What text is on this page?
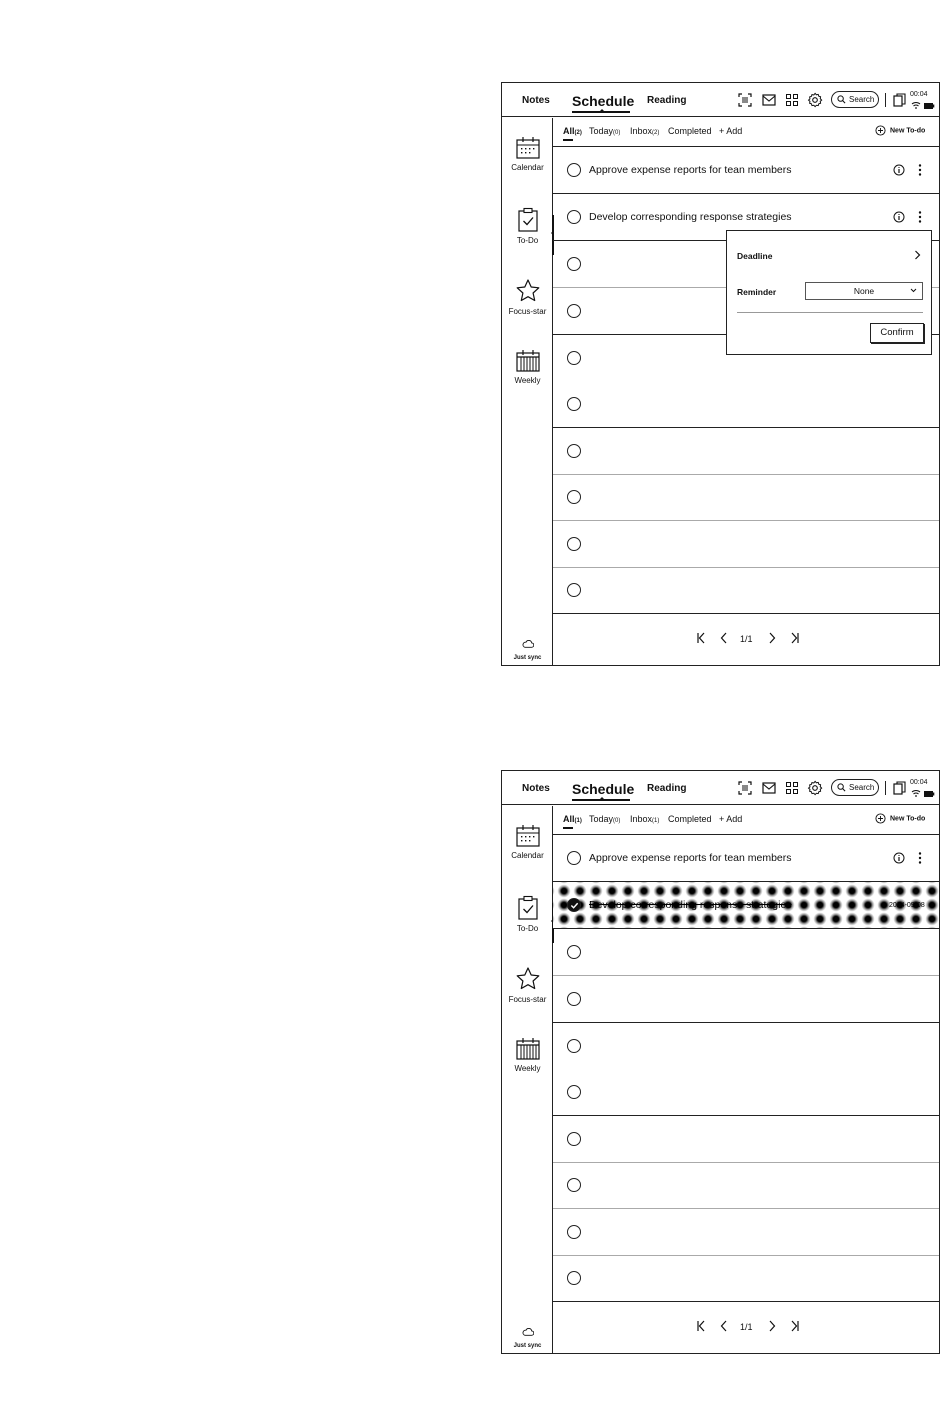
Notes Schedule Reading	Search
00:04
Calendar
To-Do
Focus-star
Weekly
Just sync
All(2) Today(0) Inbox(2) Completed + Add	New To-do
Approve expense reports for tean members
Develop corresponding response strategies
1/1
Deadline
Reminder	None
Confirm
Notes Schedule Reading	Search
00:04
Calendar
To-Do
Focus-star
Weekly
Just sync
All(1) Today(0) Inbox(1) Completed + Add	New To-do
Approve expense reports for tean members
Develop corresponding response strategies	2024-09-08
1/1
